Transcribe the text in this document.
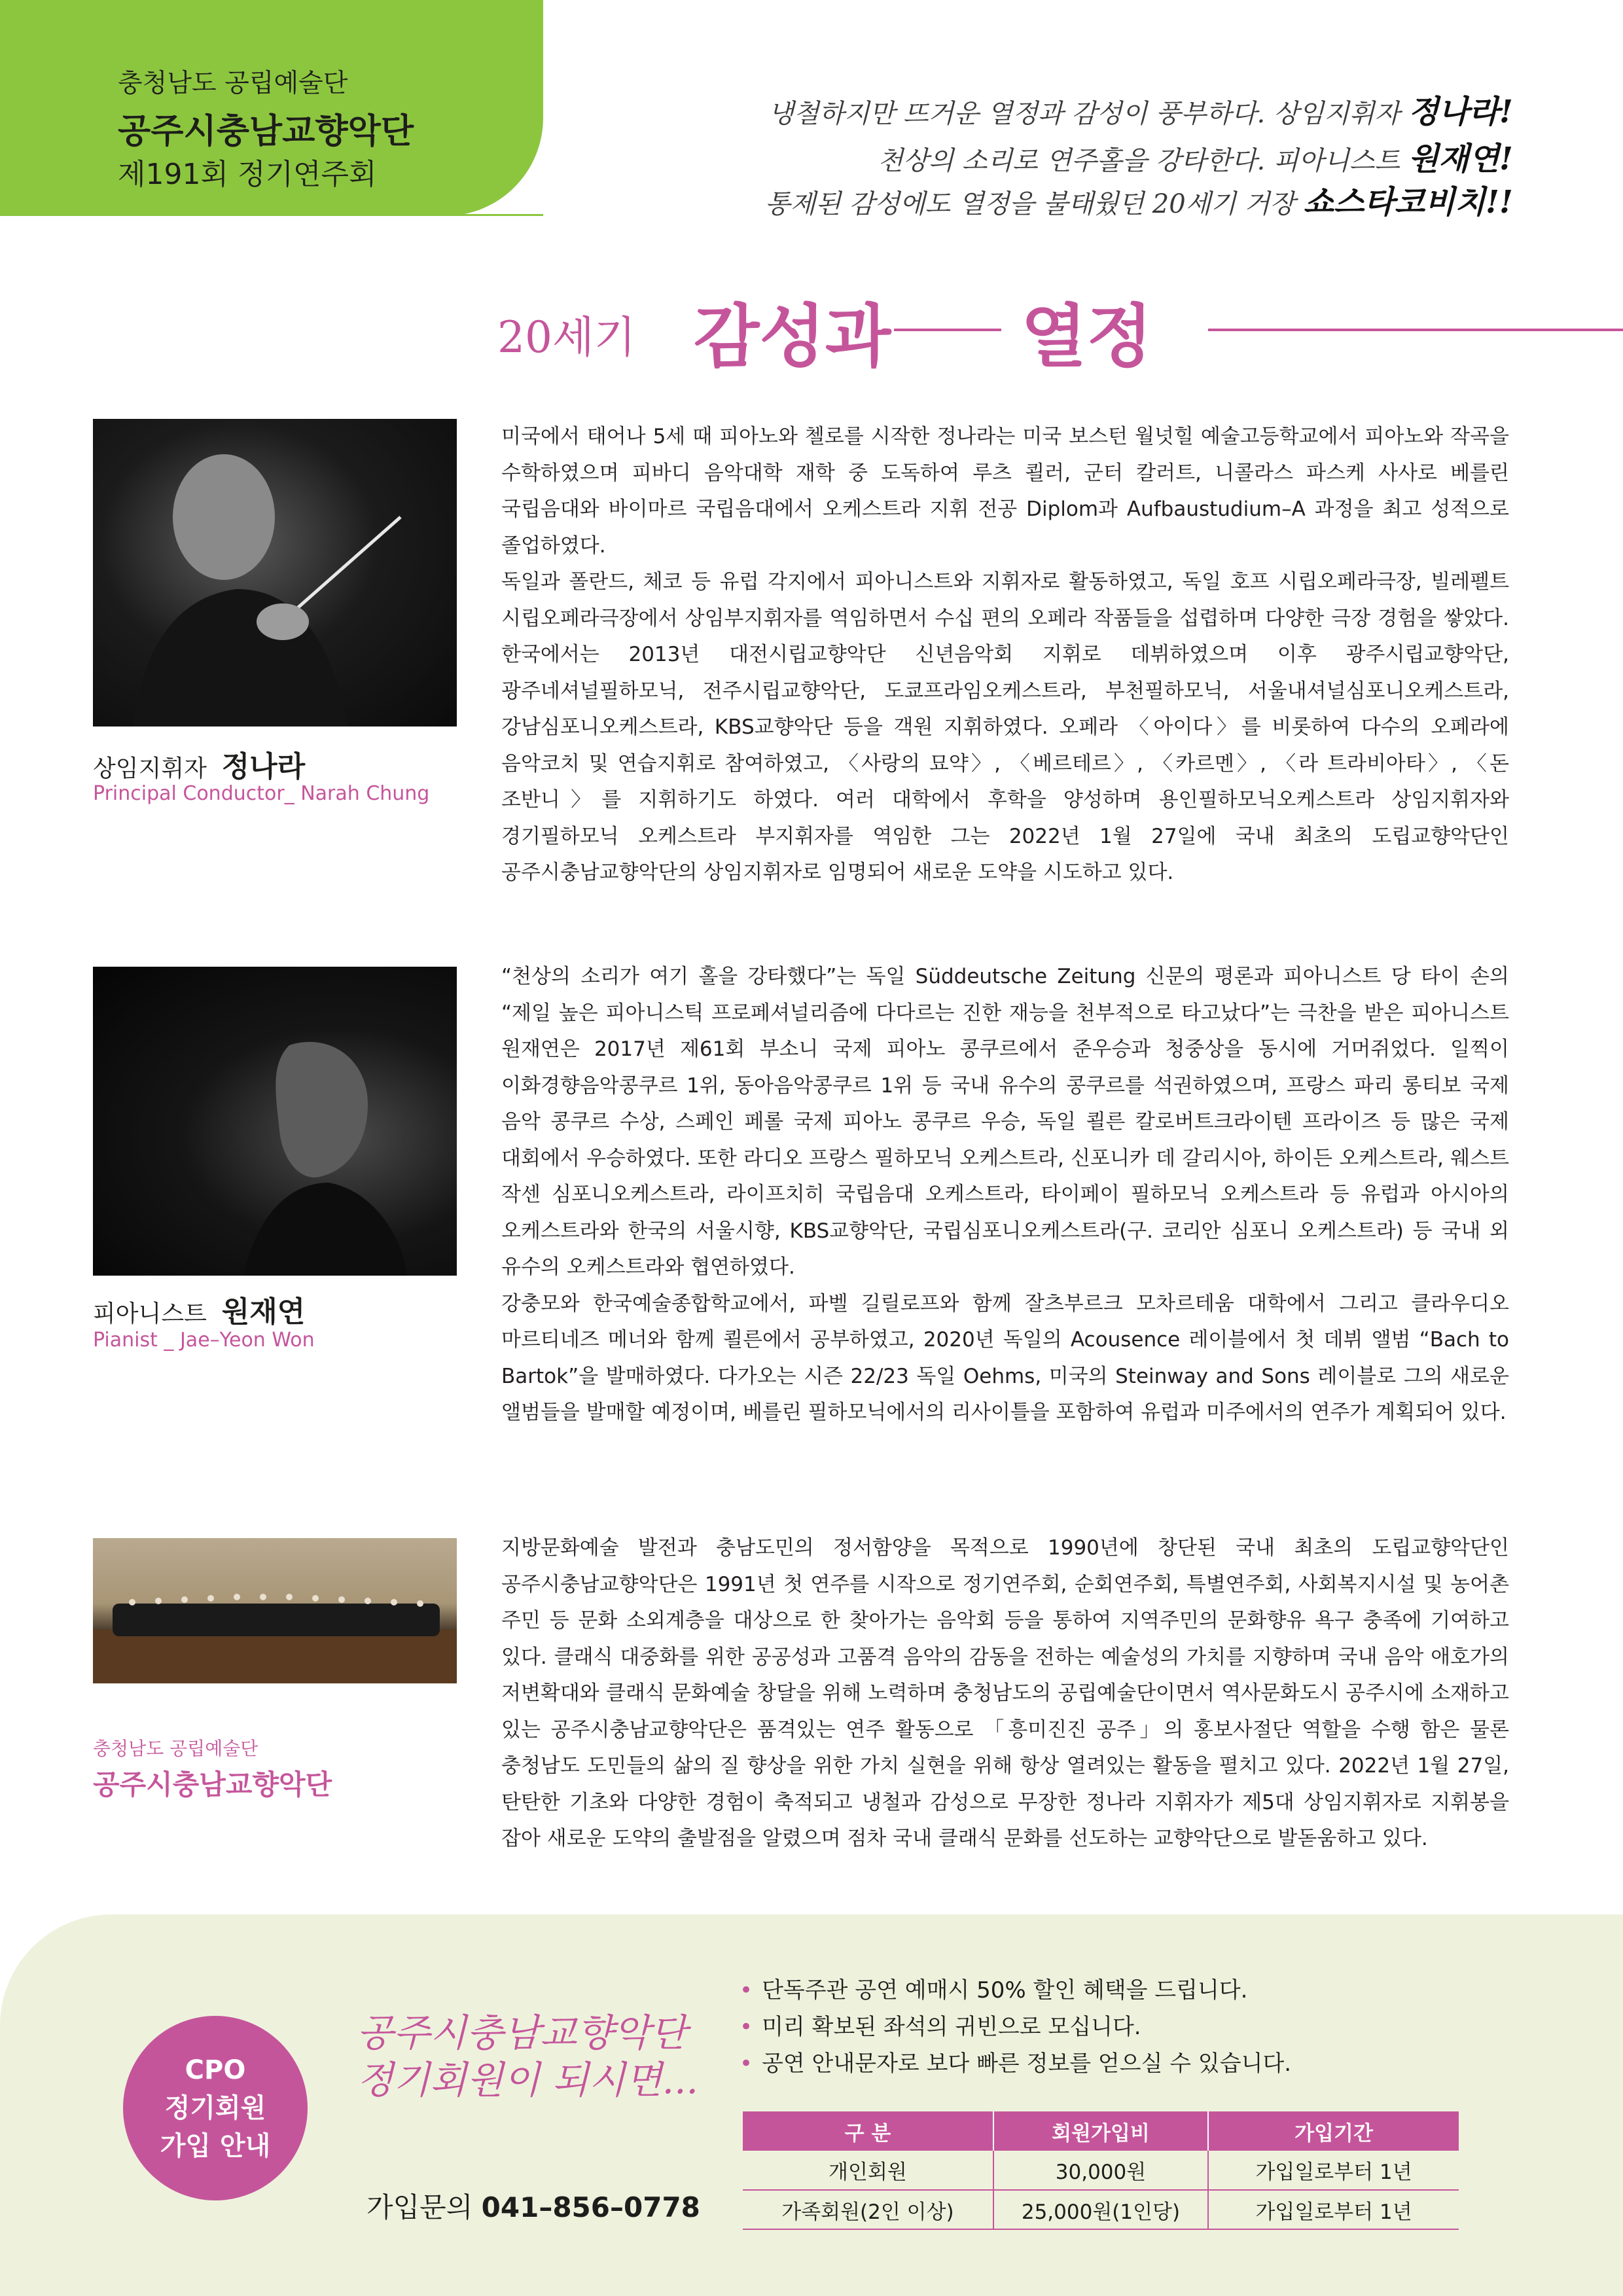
충청남도 공립예술단
공주시충남교향악단
제191회 정기연주회
냉철하지만 뜨거운 열정과 감성이 풍부하다. 상임지휘자 정나라!
천상의 소리로 연주홀을 강타한다. 피아니스트 원재연!
통제된 감성에도 열정을 불태웠던 20세기 거장 쇼스타코비치!!
20세기 감성과 열정
상임지휘자 정나라
Principal Conductor_ Narah Chung

미국에서 태어나 5세 때 피아노와 첼로를 시작한 정나라는 미국 보스턴 월넛힐 예술고등학교에서 피아노와 작곡을 수학하였으며 피바디 음악대학 재학 중 도독하여 루츠 쾰러, 군터 칼러트, 니콜라스 파스케 사사로 베를린 국립음대와 바이마르 국립음대에서 오케스트라 지휘 전공 Diplom과 Aufbaustudium–A 과정을 최고 성적으로 졸업하였다.

독일과 폴란드, 체코 등 유럽 각지에서 피아니스트와 지휘자로 활동하였고, 독일 호프 시립오페라극장, 빌레펠트 시립오페라극장에서 상임부지휘자를 역임하면서 수십 편의 오페라 작품들을 섭렵하며 다양한 극장 경험을 쌓았다. 한국에서는 2013년 대전시립교향악단 신년음악회 지휘로 데뷔하였으며 이후 광주시립교향악단, 광주네셔널필하모닉, 전주시립교향악단, 도쿄프라임오케스트라, 부천필하모닉, 서울내셔널심포니오케스트라, 강남심포니오케스트라, KBS교향악단 등을 객원 지휘하였다. 오페라 〈아이다〉를 비롯하여 다수의 오페라에 음악코치 및 연습지휘로 참여하였고, 〈사랑의 묘약〉, 〈베르테르〉, 〈카르멘〉, 〈라 트라비아타〉, 〈돈 조반니〉를 지휘하기도 하였다. 여러 대학에서 후학을 양성하며 용인필하모닉오케스트라 상임지휘자와 경기필하모닉 오케스트라 부지휘자를 역임한 그는 2022년 1월 27일에 국내 최초의 도립교향악단인 공주시충남교향악단의 상임지휘자로 임명되어 새로운 도약을 시도하고 있다.

피아니스트 원재연
Pianist _ Jae–Yeon Won

“천상의 소리가 여기 홀을 강타했다”는 독일 Süddeutsche Zeitung 신문의 평론과 피아니스트 당 타이 손의 “제일 높은 피아니스틱 프로페셔널리즘에 다다르는 진한 재능을 천부적으로 타고났다”는 극찬을 받은 피아니스트 원재연은 2017년 제61회 부소니 국제 피아노 콩쿠르에서 준우승과 청중상을 동시에 거머쥐었다. 일찍이 이화경향음악콩쿠르 1위, 동아음악콩쿠르 1위 등 국내 유수의 콩쿠르를 석권하였으며, 프랑스 파리 롱티보 국제 음악 콩쿠르 수상, 스페인 페롤 국제 피아노 콩쿠르 우승, 독일 쾰른 칼로버트크라이텐 프라이즈 등 많은 국제 대회에서 우승하였다. 또한 라디오 프랑스 필하모닉 오케스트라, 신포니카 데 갈리시아, 하이든 오케스트라, 웨스트 작센 심포니오케스트라, 라이프치히 국립음대 오케스트라, 타이페이 필하모닉 오케스트라 등 유럽과 아시아의 오케스트라와 한국의 서울시향, KBS교향악단, 국립심포니오케스트라(구. 코리안 심포니 오케스트라) 등 국내 외 유수의 오케스트라와 협연하였다.

강충모와 한국예술종합학교에서, 파벨 길릴로프와 함께 잘츠부르크 모차르테움 대학에서 그리고 클라우디오 마르티네즈 메너와 함께 쾰른에서 공부하였고, 2020년 독일의 Acousence 레이블에서 첫 데뷔 앨범 “Bach to Bartok”을 발매하였다. 다가오는 시즌 22/23 독일 Oehms, 미국의 Steinway and Sons 레이블로 그의 새로운 앨범들을 발매할 예정이며, 베를린 필하모닉에서의 리사이틀을 포함하여 유럽과 미주에서의 연주가 계획되어 있다.

충청남도 공립예술단
공주시충남교향악단

지방문화예술 발전과 충남도민의 정서함양을 목적으로 1990년에 창단된 국내 최초의 도립교향악단인 공주시충남교향악단은 1991년 첫 연주를 시작으로 정기연주회, 순회연주회, 특별연주회, 사회복지시설 및 농어촌 주민 등 문화 소외계층을 대상으로 한 찾아가는 음악회 등을 통하여 지역주민의 문화향유 욕구 충족에 기여하고 있다. 클래식 대중화를 위한 공공성과 고품격 음악의 감동을 전하는 예술성의 가치를 지향하며 국내 음악 애호가의 저변확대와 클래식 문화예술 창달을 위해 노력하며 충청남도의 공립예술단이면서 역사문화도시 공주시에 소재하고 있는 공주시충남교향악단은 품격있는 연주 활동으로 「흥미진진 공주」의 홍보사절단 역할을 수행 함은 물론 충청남도 도민들의 삶의 질 향상을 위한 가치 실현을 위해 항상 열려있는 활동을 펼치고 있다. 2022년 1월 27일, 탄탄한 기초와 다양한 경험이 축적되고 냉철과 감성으로 무장한 정나라 지휘자가 제5대 상임지휘자로 지휘봉을 잡아 새로운 도약의 출발점을 알렸으며 점차 국내 클래식 문화를 선도하는 교향악단으로 발돋움하고 있다.

CPO
정기회원
가입 안내
공주시충남교향악단
정기회원이 되시면...
가입문의 041–856–0778
• 단독주관 공연 예매시 50% 할인 혜택을 드립니다.
• 미리 확보된 좌석의 귀빈으로 모십니다.
• 공연 안내문자로 보다 빠른 정보를 얻으실 수 있습니다.
구 분	회원가입비	가입기간
개인회원	30,000원	가입일로부터 1년
가족회원(2인 이상)	25,000원(1인당)	가입일로부터 1년
